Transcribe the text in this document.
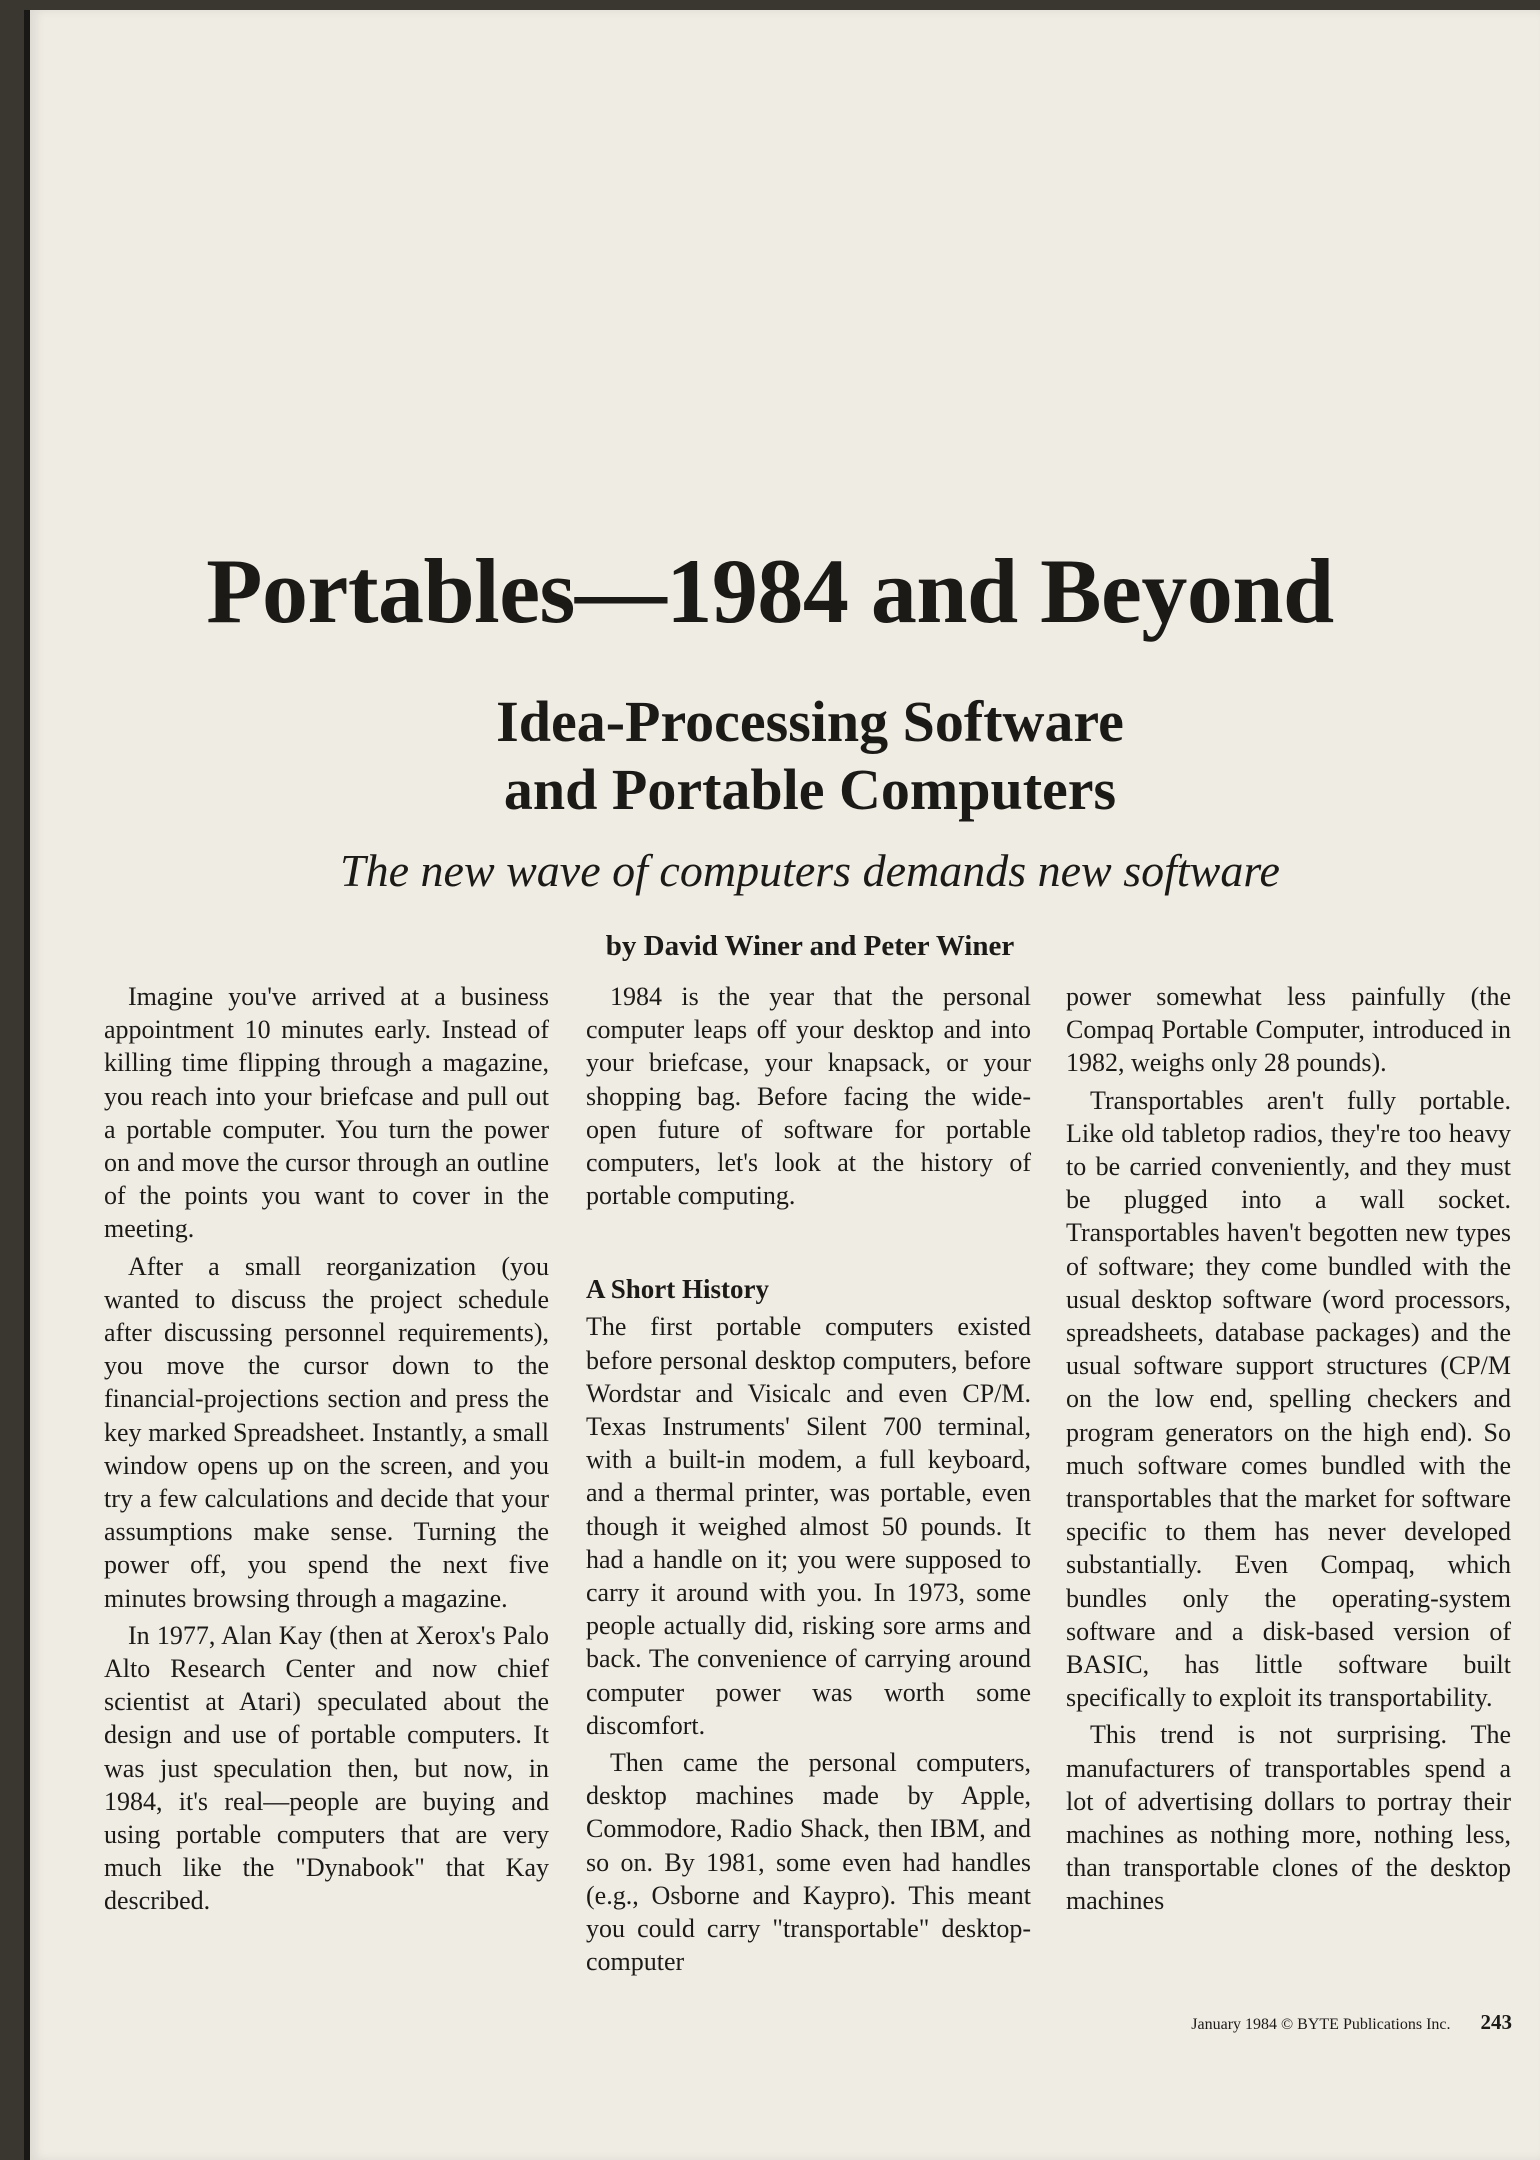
Portables—1984 and Beyond
Idea-Processing Software
and Portable Computers

The new wave of computers demands new software

by David Winer and Peter Winer

Imagine you've arrived at a business appointment 10 minutes early. Instead of killing time flipping through a magazine, you reach into your briefcase and pull out a portable computer. You turn the power on and move the cursor through an outline of the points you want to cover in the meeting.

After a small reorganization (you wanted to discuss the project schedule after discussing personnel requirements), you move the cursor down to the financial-projections section and press the key marked Spreadsheet. Instantly, a small window opens up on the screen, and you try a few calculations and decide that your assumptions make sense. Turning the power off, you spend the next five minutes browsing through a magazine.

In 1977, Alan Kay (then at Xerox's Palo Alto Research Center and now chief scientist at Atari) speculated about the design and use of portable computers. It was just speculation then, but now, in 1984, it's real—people are buying and using portable computers that are very much like the "Dynabook" that Kay described.

1984 is the year that the personal computer leaps off your desktop and into your briefcase, your knapsack, or your shopping bag. Before facing the wide-open future of software for portable computers, let's look at the history of portable computing.

A Short History

The first portable computers existed before personal desktop computers, before Wordstar and Visicalc and even CP/M. Texas Instruments' Silent 700 terminal, with a built-in modem, a full keyboard, and a thermal printer, was portable, even though it weighed almost 50 pounds. It had a handle on it; you were supposed to carry it around with you. In 1973, some people actually did, risking sore arms and back. The convenience of carrying around computer power was worth some discomfort.

Then came the personal computers, desktop machines made by Apple, Commodore, Radio Shack, then IBM, and so on. By 1981, some even had handles (e.g., Osborne and Kaypro). This meant you could carry "transportable" desktop-computer

power somewhat less painfully (the Compaq Portable Computer, introduced in 1982, weighs only 28 pounds).

Transportables aren't fully portable. Like old tabletop radios, they're too heavy to be carried conveniently, and they must be plugged into a wall socket. Transportables haven't begotten new types of software; they come bundled with the usual desktop software (word processors, spreadsheets, database packages) and the usual software support structures (CP/M on the low end, spelling checkers and program generators on the high end). So much software comes bundled with the transportables that the market for software specific to them has never developed substantially. Even Compaq, which bundles only the operating-system software and a disk-based version of BASIC, has little software built specifically to exploit its transportability.

This trend is not surprising. The manufacturers of transportables spend a lot of advertising dollars to portray their machines as nothing more, nothing less, than transportable clones of the desktop machines

January 1984 © BYTE Publications Inc. 243
